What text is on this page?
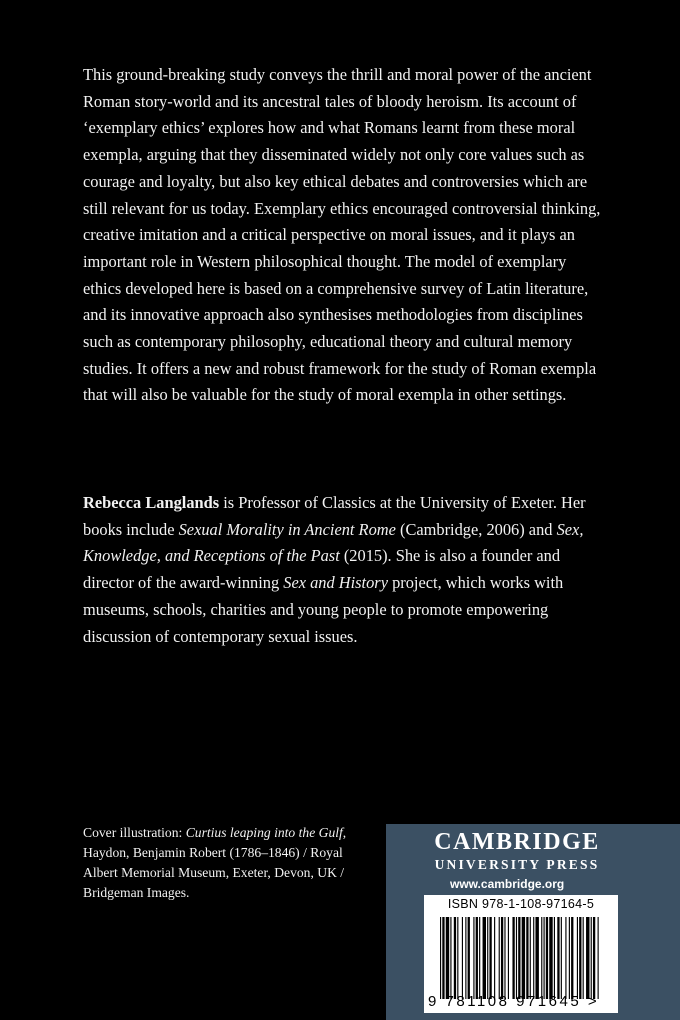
This ground-breaking study conveys the thrill and moral power of the ancient Roman story-world and its ancestral tales of bloody heroism. Its account of ‘exemplary ethics’ explores how and what Romans learnt from these moral exempla, arguing that they disseminated widely not only core values such as courage and loyalty, but also key ethical debates and controversies which are still relevant for us today. Exemplary ethics encouraged controversial thinking, creative imitation and a critical perspective on moral issues, and it plays an important role in Western philosophical thought. The model of exemplary ethics developed here is based on a comprehensive survey of Latin literature, and its innovative approach also synthesises methodologies from disciplines such as contemporary philosophy, educational theory and cultural memory studies. It offers a new and robust framework for the study of Roman exempla that will also be valuable for the study of moral exempla in other settings.

Rebecca Langlands is Professor of Classics at the University of Exeter. Her books include Sexual Morality in Ancient Rome (Cambridge, 2006) and Sex, Knowledge, and Receptions of the Past (2015). She is also a founder and director of the award-winning Sex and History project, which works with museums, schools, charities and young people to promote empowering discussion of contemporary sexual issues.

Cover illustration: Curtius leaping into the Gulf, Haydon, Benjamin Robert (1786–1846) / Royal Albert Memorial Museum, Exeter, Devon, UK / Bridgeman Images.

CAMBRIDGE
UNIVERSITY PRESS
www.cambridge.org
ISBN 978-1-108-97164-5
9 781108 971645 >
